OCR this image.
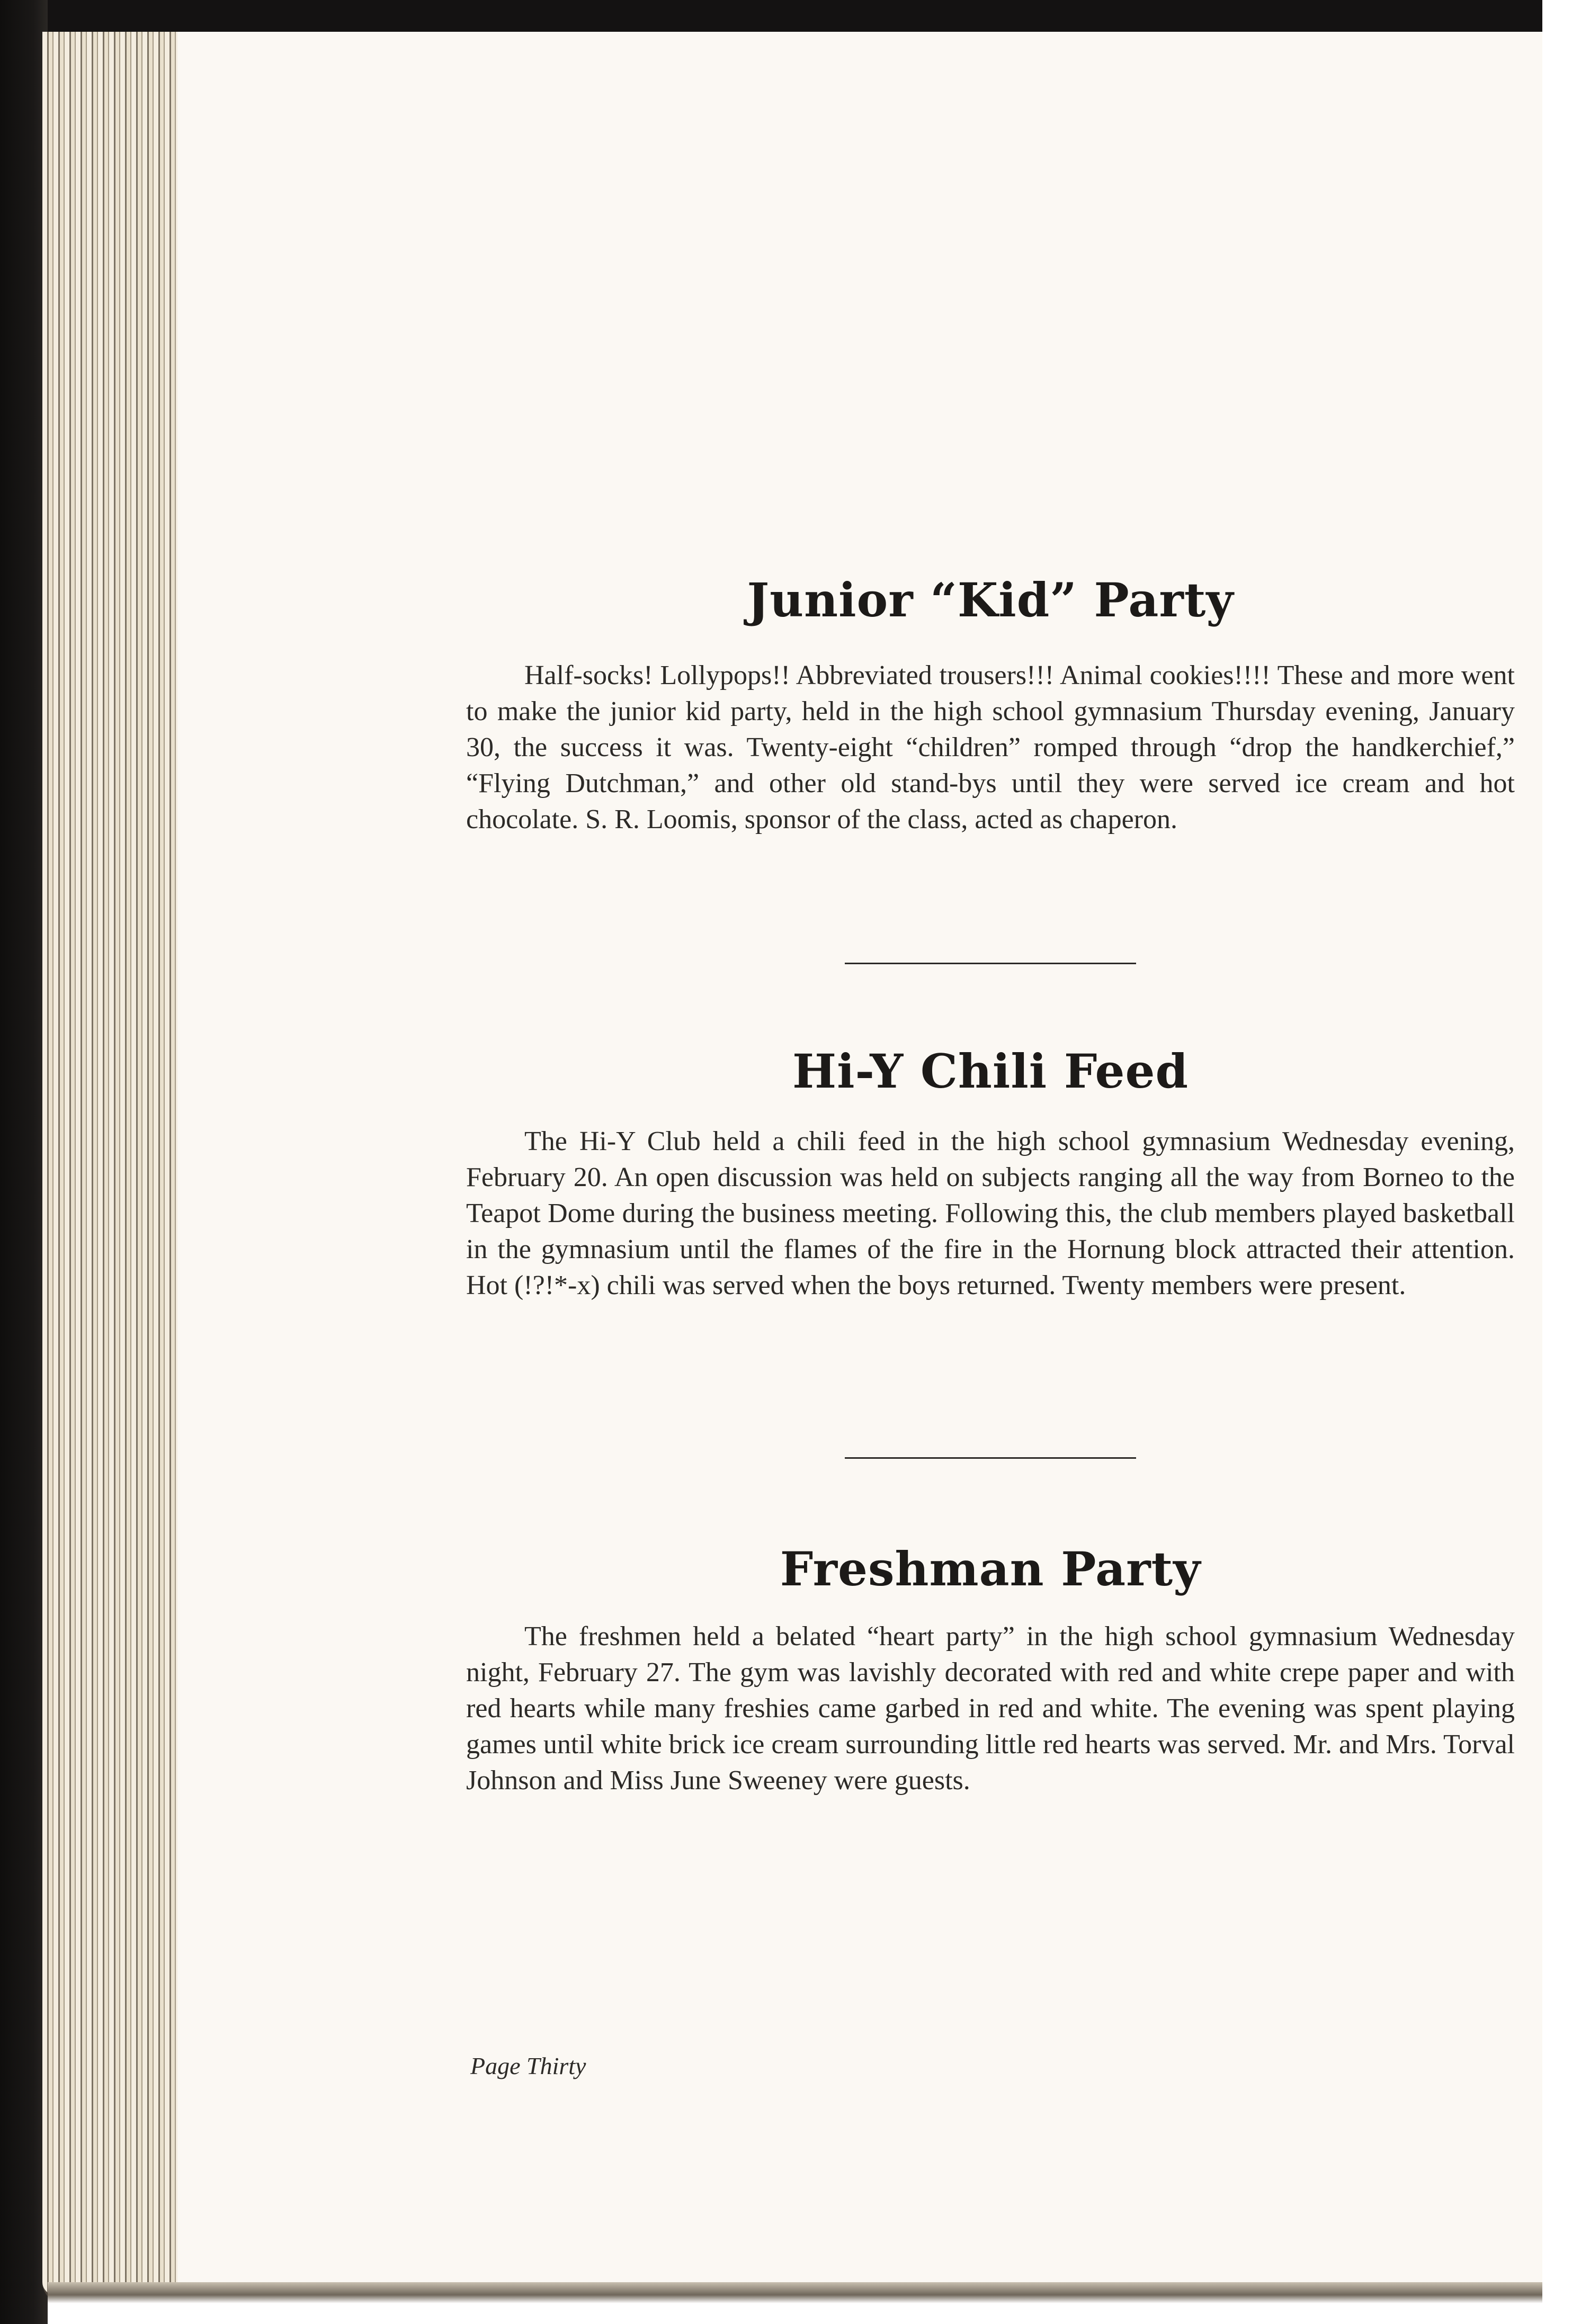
Junior “Kid” Party

Half-socks! Lollypops!! Abbreviated trousers!!! Animal cookies!!!! These and more went to make the junior kid party, held in the high school gymnasium Thursday evening, January 30, the success it was. Twenty-eight “children” romped through “drop the handkerchief,” “Flying Dutchman,” and other old stand-bys until they were served ice cream and hot chocolate. S. R. Loomis, sponsor of the class, acted as chaperon.

Hi-Y Chili Feed

The Hi-Y Club held a chili feed in the high school gymnasium Wednesday evening, February 20. An open discussion was held on subjects ranging all the way from Borneo to the Teapot Dome during the business meeting. Following this, the club members played basketball in the gymnasium until the flames of the fire in the Hornung block attracted their attention. Hot (!?!*-x) chili was served when the boys returned. Twenty members were present.

Freshman Party

The freshmen held a belated “heart party” in the high school gymnasium Wednesday night, February 27. The gym was lavishly decorated with red and white crepe paper and with red hearts while many freshies came garbed in red and white. The evening was spent playing games until white brick ice cream surrounding little red hearts was served. Mr. and Mrs. Torval Johnson and Miss June Sweeney were guests.

Page Thirty
